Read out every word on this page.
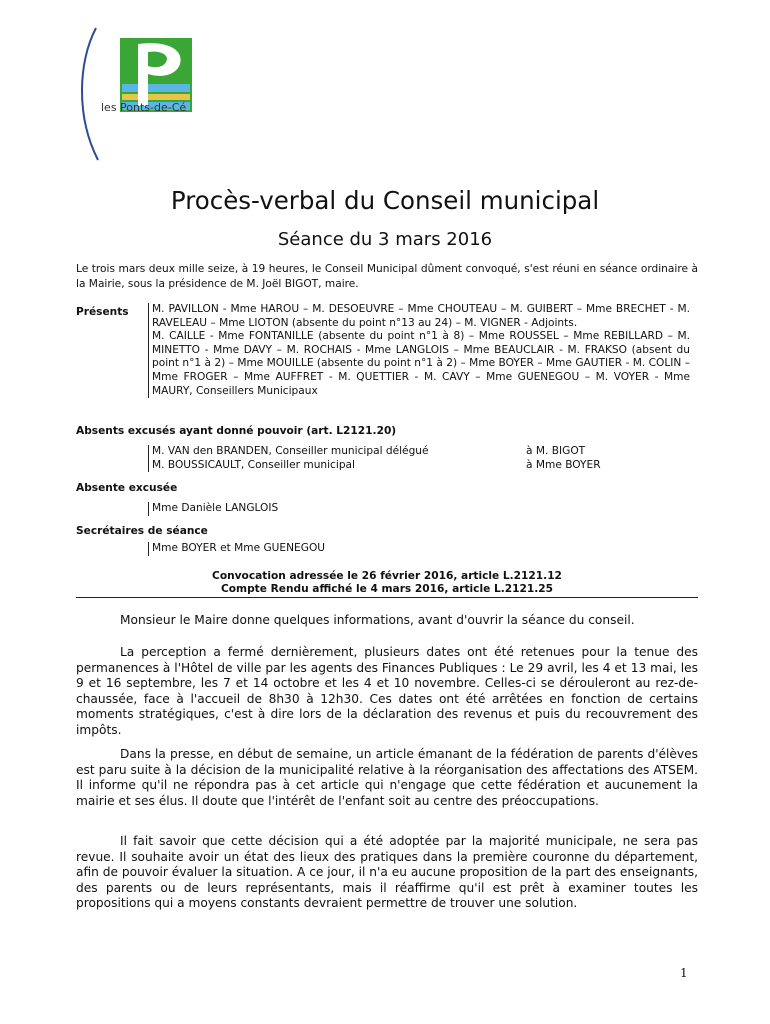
les Ponts-de-Cé
Procès-verbal du Conseil municipal
Séance du 3 mars 2016
Le trois mars deux mille seize, à 19 heures, le Conseil Municipal dûment convoqué, s'est réuni en séance ordinaire à la Mairie, sous la présidence de M. Joël BIGOT, maire.
Présents M. PAVILLON - Mme HAROU – M. DESOEUVRE – Mme CHOUTEAU – M. GUIBERT – Mme BRECHET - M. RAVELEAU – Mme LIOTON (absente du point n°13 au 24) – M. VIGNER - Adjoints.
M. CAILLE - Mme FONTANILLE (absente du point n°1 à 8) – Mme ROUSSEL – Mme REBILLARD – M. MINETTO - Mme DAVY – M. ROCHAIS - Mme LANGLOIS – Mme BEAUCLAIR - M. FRAKSO (absent du point n°1 à 2) – Mme MOUILLE (absente du point n°1 à 2) – Mme BOYER – Mme GAUTIER - M. COLIN – Mme FROGER – Mme AUFFRET - M. QUETTIER - M. CAVY – Mme GUENEGOU – M. VOYER - Mme MAURY, Conseillers Municipaux
Absents excusés ayant donné pouvoir (art. L2121.20)
M. VAN den BRANDEN, Conseiller municipal délégué	à M. BIGOT
M. BOUSSICAULT, Conseiller municipal	à Mme BOYER
Absente excusée
Mme Danièle LANGLOIS
Secrétaires de séance
Mme BOYER et Mme GUENEGOU
Convocation adressée le 26 février 2016, article L.2121.12
Compte Rendu affiché le 4 mars 2016, article L.2121.25

Monsieur le Maire donne quelques informations, avant d'ouvrir la séance du conseil.

La perception a fermé dernièrement, plusieurs dates ont été retenues pour la tenue des permanences à l'Hôtel de ville par les agents des Finances Publiques : Le 29 avril, les 4 et 13 mai, les 9 et 16 septembre, les 7 et 14 octobre et les 4 et 10 novembre. Celles-ci se dérouleront au rez-de-chaussée, face à l'accueil de 8h30 à 12h30. Ces dates ont été arrêtées en fonction de certains moments stratégiques, c'est à dire lors de la déclaration des revenus et puis du recouvrement des impôts.

Dans la presse, en début de semaine, un article émanant de la fédération de parents d'élèves est paru suite à la décision de la municipalité relative à la réorganisation des affectations des ATSEM. Il informe qu'il ne répondra pas à cet article qui n'engage que cette fédération et aucunement la mairie et ses élus. Il doute que l'intérêt de l'enfant soit au centre des préoccupations.

Il fait savoir que cette décision qui a été adoptée par la majorité municipale, ne sera pas revue. Il souhaite avoir un état des lieux des pratiques dans la première couronne du département, afin de pouvoir évaluer la situation. A ce jour, il n'a eu aucune proposition de la part des enseignants, des parents ou de leurs représentants, mais il réaffirme qu'il est prêt à examiner toutes les propositions qui a moyens constants devraient permettre de trouver une solution.

1
